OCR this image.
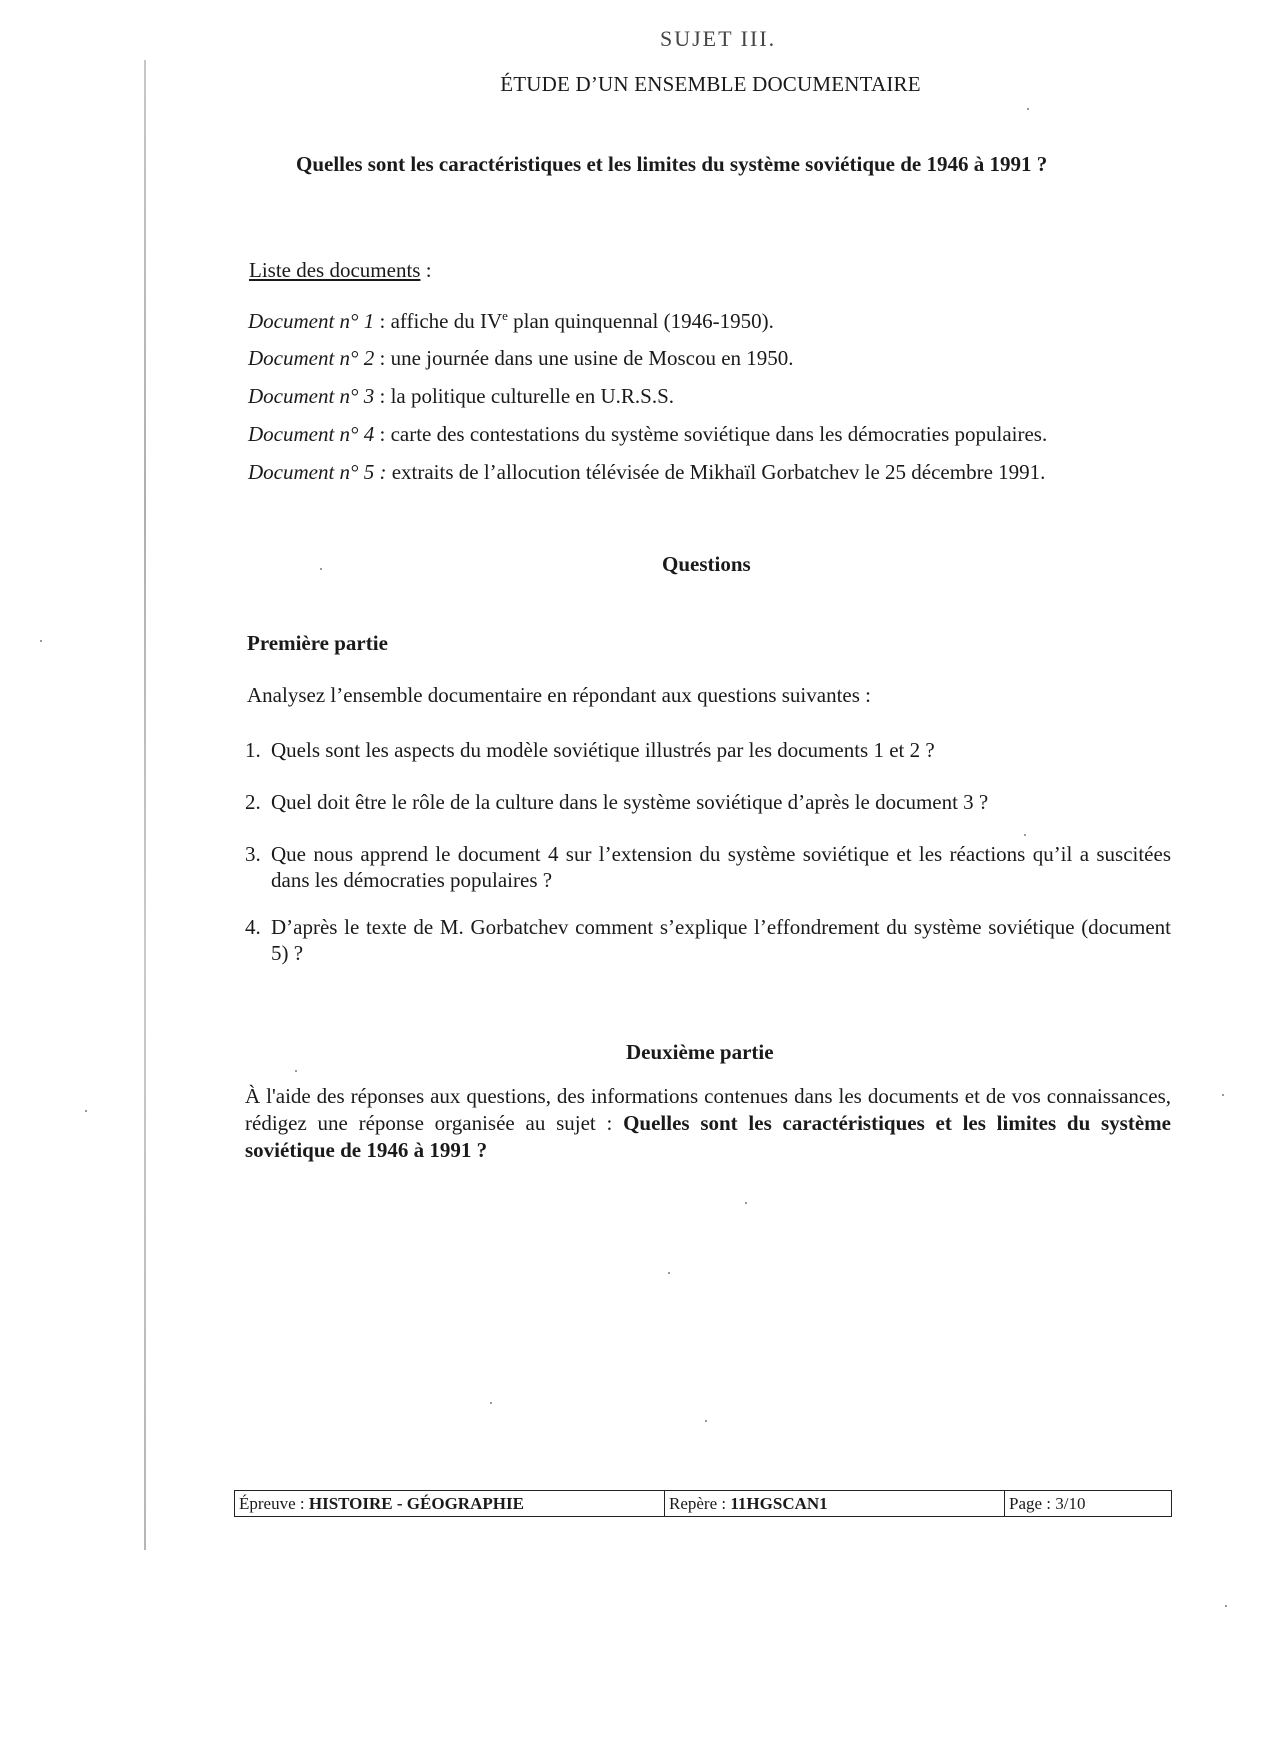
SUJET III.
ÉTUDE D’UN ENSEMBLE DOCUMENTAIRE
Quelles sont les caractéristiques et les limites du système soviétique de 1946 à 1991 ?
Liste des documents :
Document n° 1 : affiche du IVe plan quinquennal (1946-1950).
Document n° 2 : une journée dans une usine de Moscou en 1950.
Document n° 3 : la politique culturelle en U.R.S.S.
Document n° 4 : carte des contestations du système soviétique dans les démocraties populaires.
Document n° 5 : extraits de l’allocution télévisée de Mikhaïl Gorbatchev le 25 décembre 1991.
Questions
Première partie
Analysez l’ensemble documentaire en répondant aux questions suivantes :
1. Quels sont les aspects du modèle soviétique illustrés par les documents 1 et 2 ?
2. Quel doit être le rôle de la culture dans le système soviétique d’après le document 3 ?
3. Que nous apprend le document 4 sur l’extension du système soviétique et les réactions qu’il a suscitées dans les démocraties populaires ?
4. D’après le texte de M. Gorbatchev comment s’explique l’effondrement du système soviétique (document 5) ?
Deuxième partie
À l'aide des réponses aux questions, des informations contenues dans les documents et de vos connaissances, rédigez une réponse organisée au sujet : Quelles sont les caractéristiques et les limites du système soviétique de 1946 à 1991 ?
Épreuve : HISTOIRE - GÉOGRAPHIE	Repère : 11HGSCAN1	Page : 3/10
